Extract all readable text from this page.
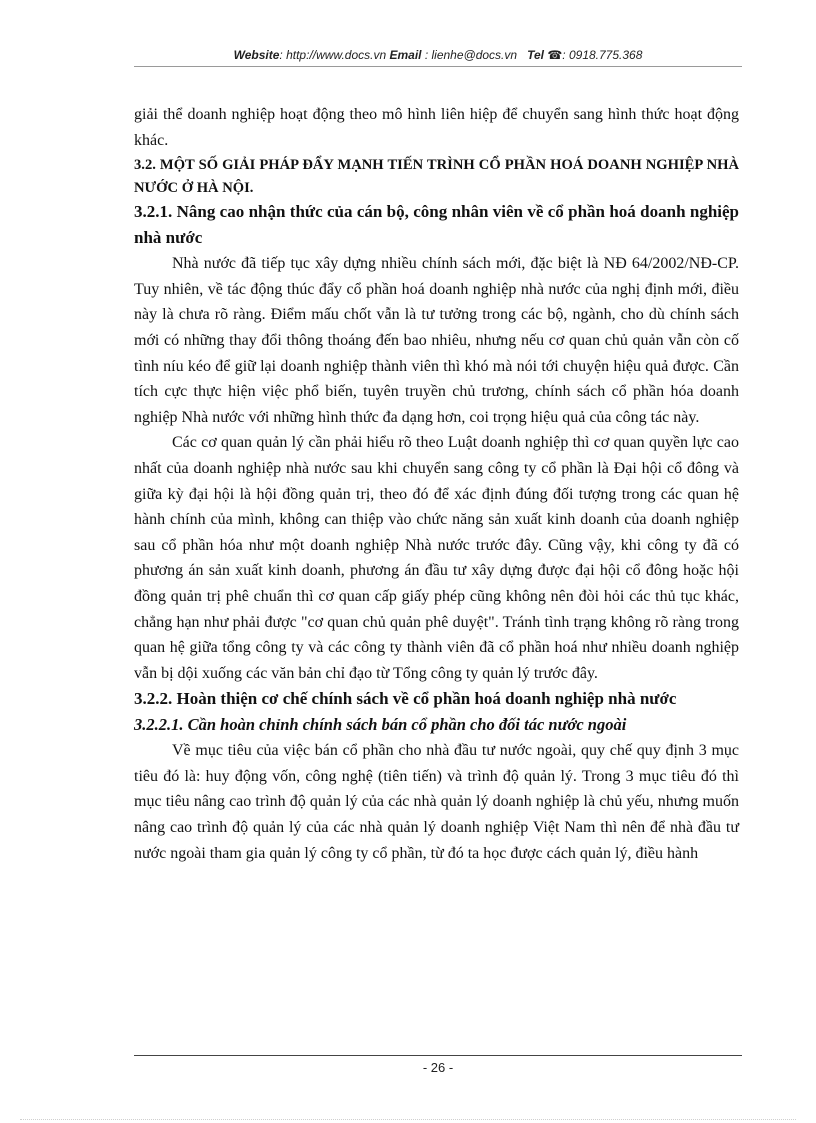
Website: http://www.docs.vn Email : lienhe@docs.vn Tel ☎: 0918.775.368

giải thể doanh nghiệp hoạt động theo mô hình liên hiệp để chuyển sang hình thức hoạt động khác.

3.2. MỘT SỐ GIẢI PHÁP ĐẨY MẠNH TIẾN TRÌNH CỔ PHẦN HOÁ DOANH NGHIỆP NHÀ NƯỚC Ở HÀ NỘI.

3.2.1. Nâng cao nhận thức của cán bộ, công nhân viên về cổ phần hoá doanh nghiệp nhà nước

Nhà nước đã tiếp tục xây dựng nhiều chính sách mới, đặc biệt là NĐ 64/2002/NĐ-CP. Tuy nhiên, về tác động thúc đẩy cổ phần hoá doanh nghiệp nhà nước của nghị định mới, điều này là chưa rõ ràng. Điểm mấu chốt vẫn là tư tưởng trong các bộ, ngành, cho dù chính sách mới có những thay đổi thông thoáng đến bao nhiêu, nhưng nếu cơ quan chủ quản vẫn còn cố tình níu kéo để giữ lại doanh nghiệp thành viên thì khó mà nói tới chuyện hiệu quả được. Cần tích cực thực hiện việc phổ biến, tuyên truyền chủ trương, chính sách cổ phần hóa doanh nghiệp Nhà nước với những hình thức đa dạng hơn, coi trọng hiệu quả của công tác này.

Các cơ quan quản lý cần phải hiểu rõ theo Luật doanh nghiệp thì cơ quan quyền lực cao nhất của doanh nghiệp nhà nước sau khi chuyển sang công ty cổ phần là Đại hội cổ đông và giữa kỳ đại hội là hội đồng quản trị, theo đó để xác định đúng đối tượng trong các quan hệ hành chính của mình, không can thiệp vào chức năng sản xuất kinh doanh của doanh nghiệp sau cổ phần hóa như một doanh nghiệp Nhà nước trước đây. Cũng vậy, khi công ty đã có phương án sản xuất kinh doanh, phương án đầu tư xây dựng được đại hội cổ đông hoặc hội đồng quản trị phê chuẩn thì cơ quan cấp giấy phép cũng không nên đòi hỏi các thủ tục khác, chẳng hạn như phải được "cơ quan chủ quản phê duyệt". Tránh tình trạng không rõ ràng trong quan hệ giữa tổng công ty và các công ty thành viên đã cổ phần hoá như nhiều doanh nghiệp vẫn bị dội xuống các văn bản chỉ đạo từ Tổng công ty quản lý trước đây.

3.2.2. Hoàn thiện cơ chế chính sách về cổ phần hoá doanh nghiệp nhà nước

3.2.2.1. Cần hoàn chỉnh chính sách bán cổ phần cho đối tác nước ngoài

Về mục tiêu của việc bán cổ phần cho nhà đầu tư nước ngoài, quy chế quy định 3 mục tiêu đó là: huy động vốn, công nghệ (tiên tiến) và trình độ quản lý. Trong 3 mục tiêu đó thì mục tiêu nâng cao trình độ quản lý của các nhà quản lý doanh nghiệp là chủ yếu, nhưng muốn nâng cao trình độ quản lý của các nhà quản lý doanh nghiệp Việt Nam thì nên để nhà đầu tư nước ngoài tham gia quản lý công ty cổ phần, từ đó ta học được cách quản lý, điều hành

- 26 -
